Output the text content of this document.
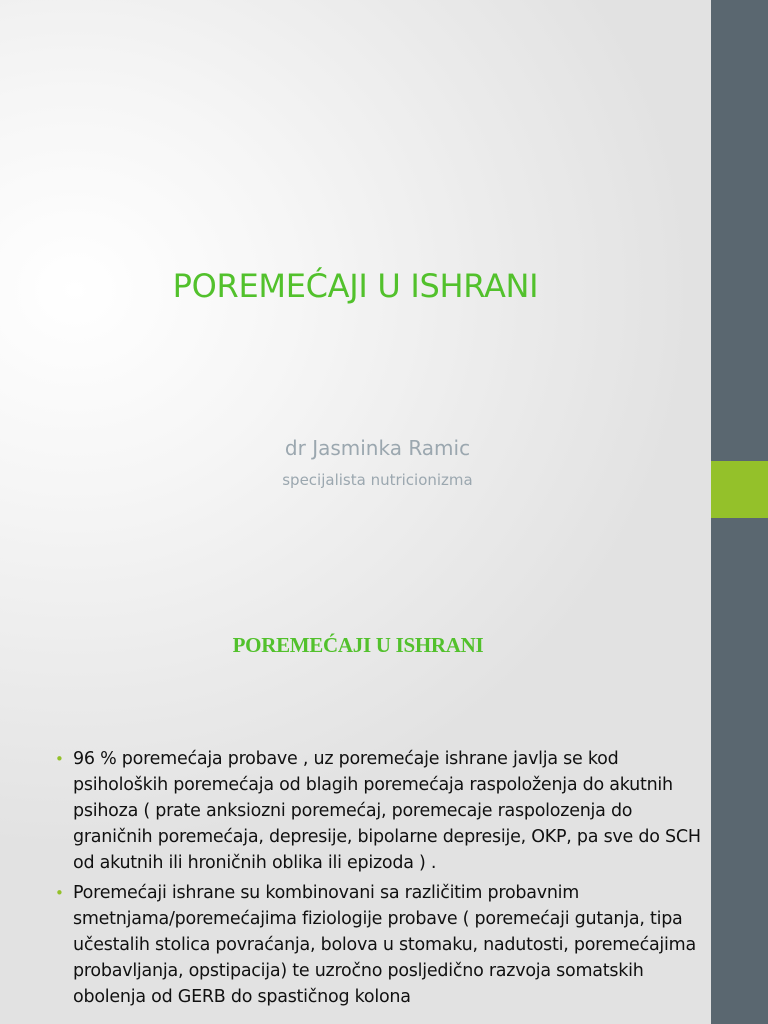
POREMEĆAJI U ISHRANI
dr Jasminka Ramic
specijalista nutricionizma
POREMEĆAJI U ISHRANI
• 96 % poremećaja probave , uz poremećaje ishrane javlja se kod psiholoških poremećaja od blagih poremećaja raspoloženja do akutnih psihoza ( prate anksiozni poremećaj, poremecaje raspolozenja do graničnih poremećaja, depresije, bipolarne depresije, OKP, pa sve do SCH od akutnih ili hroničnih oblika ili epizoda ) .
• Poremećaji ishrane su kombinovani sa različitim probavnim smetnjama/poremećajima fiziologije probave ( poremećaji gutanja, tipa učestalih stolica povraćanja, bolova u stomaku, nadutosti, poremećajima probavljanja, opstipacija) te uzročno posljedično razvoja somatskih obolenja od GERB do spastičnog kolona
